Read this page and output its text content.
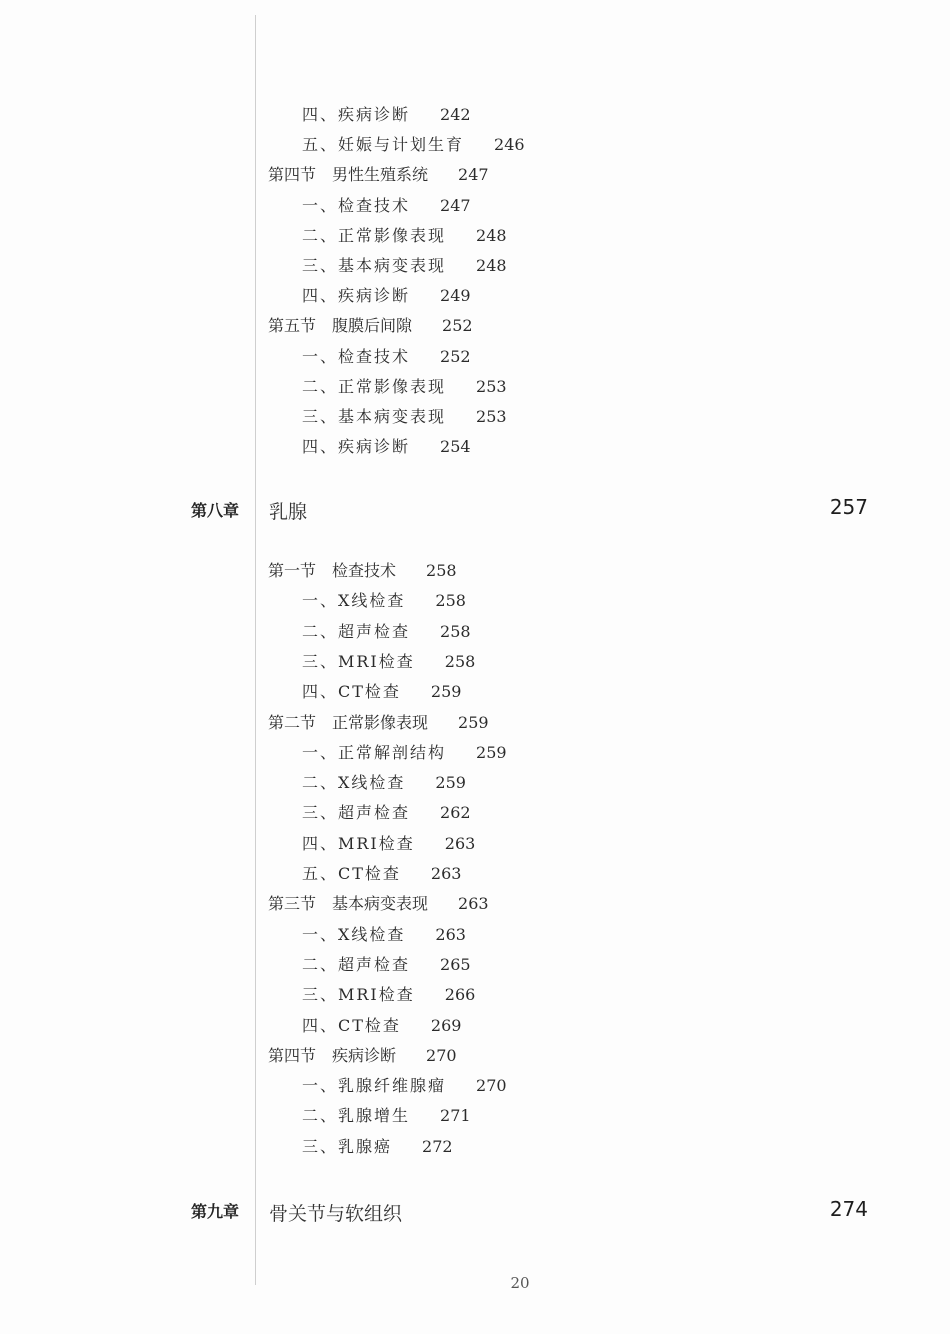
四、疾病诊断 242
五、妊娠与计划生育 246
第四节　男性生殖系统 247
一、检查技术 247
二、正常影像表现 248
三、基本病变表现 248
四、疾病诊断 249
第五节　腹膜后间隙 252
一、检查技术 252
二、正常影像表现 253
三、基本病变表现 253
四、疾病诊断 254
第八章 乳腺	257
第一节　检查技术 258
一、X线检查 258
二、超声检查 258
三、MRI检查 258
四、CT检查 259
第二节　正常影像表现 259
一、正常解剖结构 259
二、X线检查 259
三、超声检查 262
四、MRI检查 263
五、CT检查 263
第三节　基本病变表现 263
一、X线检查 263
二、超声检查 265
三、MRI检查 266
四、CT检查 269
第四节　疾病诊断 270
一、乳腺纤维腺瘤 270
二、乳腺增生 271
三、乳腺癌 272
第九章 骨关节与软组织	274
20
